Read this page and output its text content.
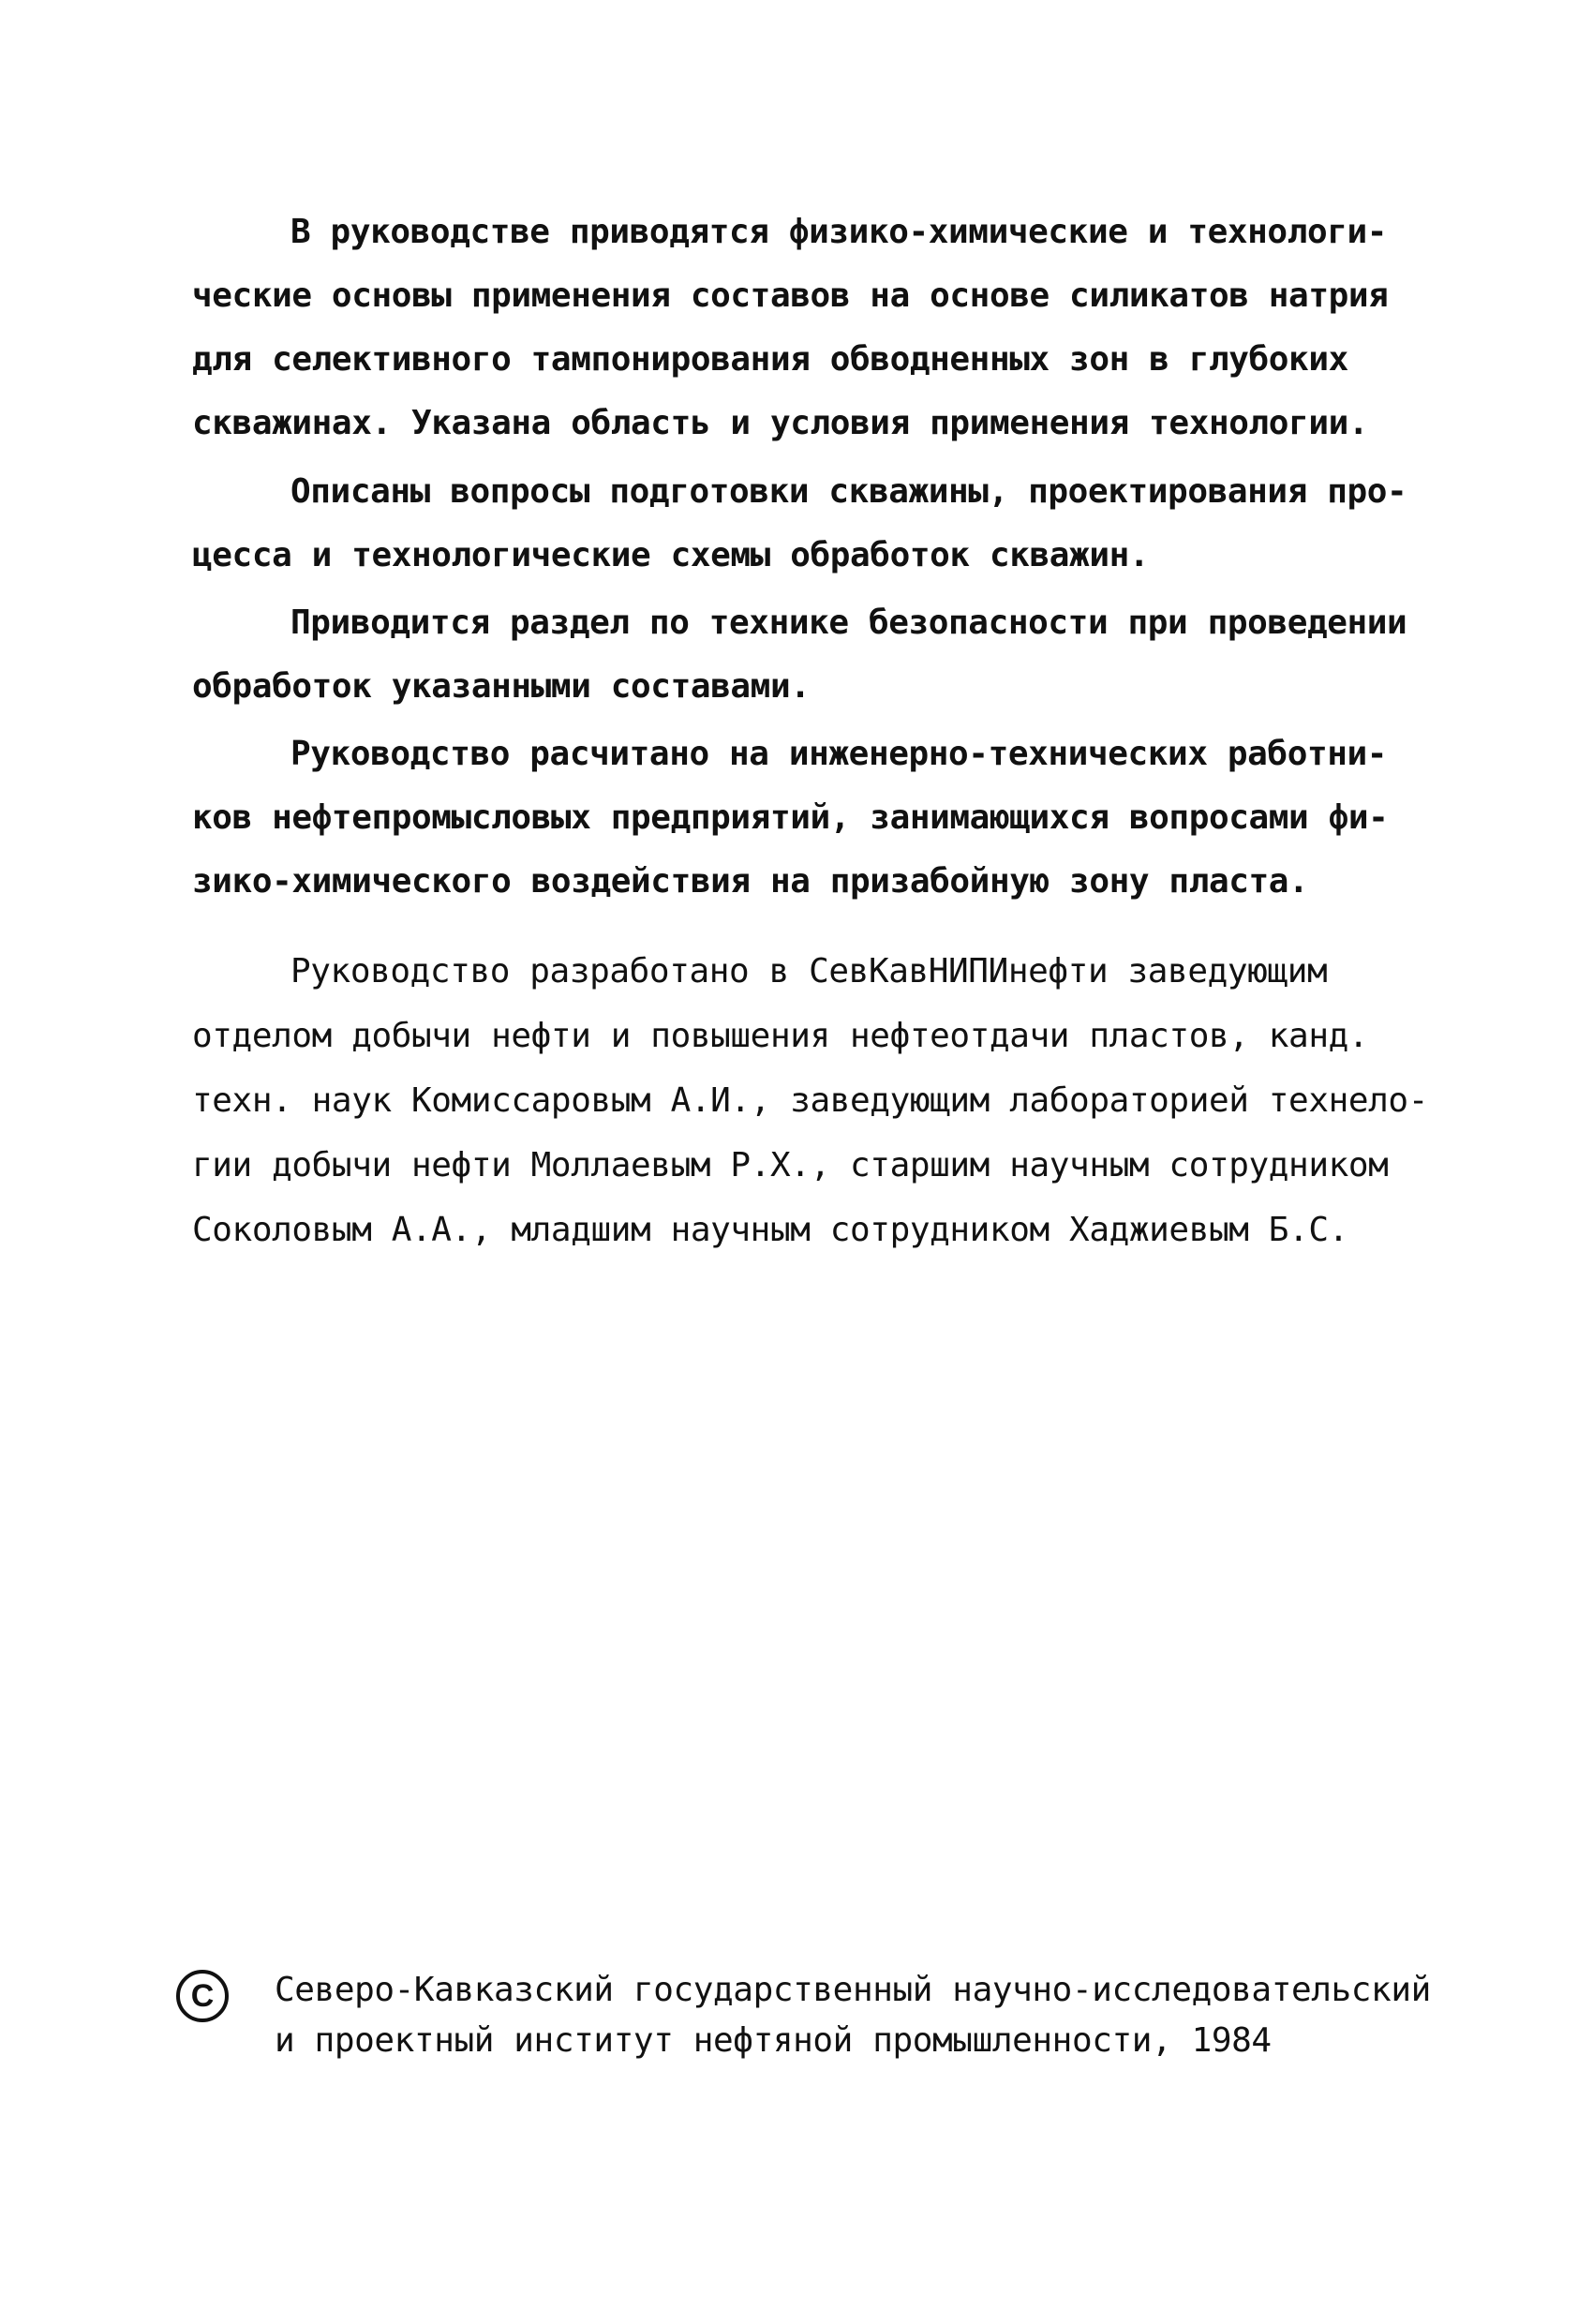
В руководстве приводятся физико-химические и технологи-
ческие основы применения составов на основе силикатов натрия
для селективного тампонирования обводненных зон в глубоких
скважинах. Указана область и условия применения технологии.
Описаны вопросы подготовки скважины, проектирования про-
цесса и технологические схемы обработок скважин.
Приводится раздел по технике безопасности при проведении
обработок указанными составами.
Руководство расчитано на инженерно-технических работни-
ков нефтепромысловых предприятий, занимающихся вопросами фи-
зико-химического воздействия на призабойную зону пласта.
Руководство разработано в СевКавНИПИнефти заведующим
отделом добычи нефти и повышения нефтеотдачи пластов, канд.
техн. наук Комиссаровым А.И., заведующим лабораторией технело-
гии добычи нефти Моллаевым Р.Х., старшим научным сотрудником
Соколовым А.А., младшим научным сотрудником Хаджиевым Б.С.
C	Северо-Кавказский государственный научно-исследовательский
и проектный институт нефтяной промышленности, 1984
